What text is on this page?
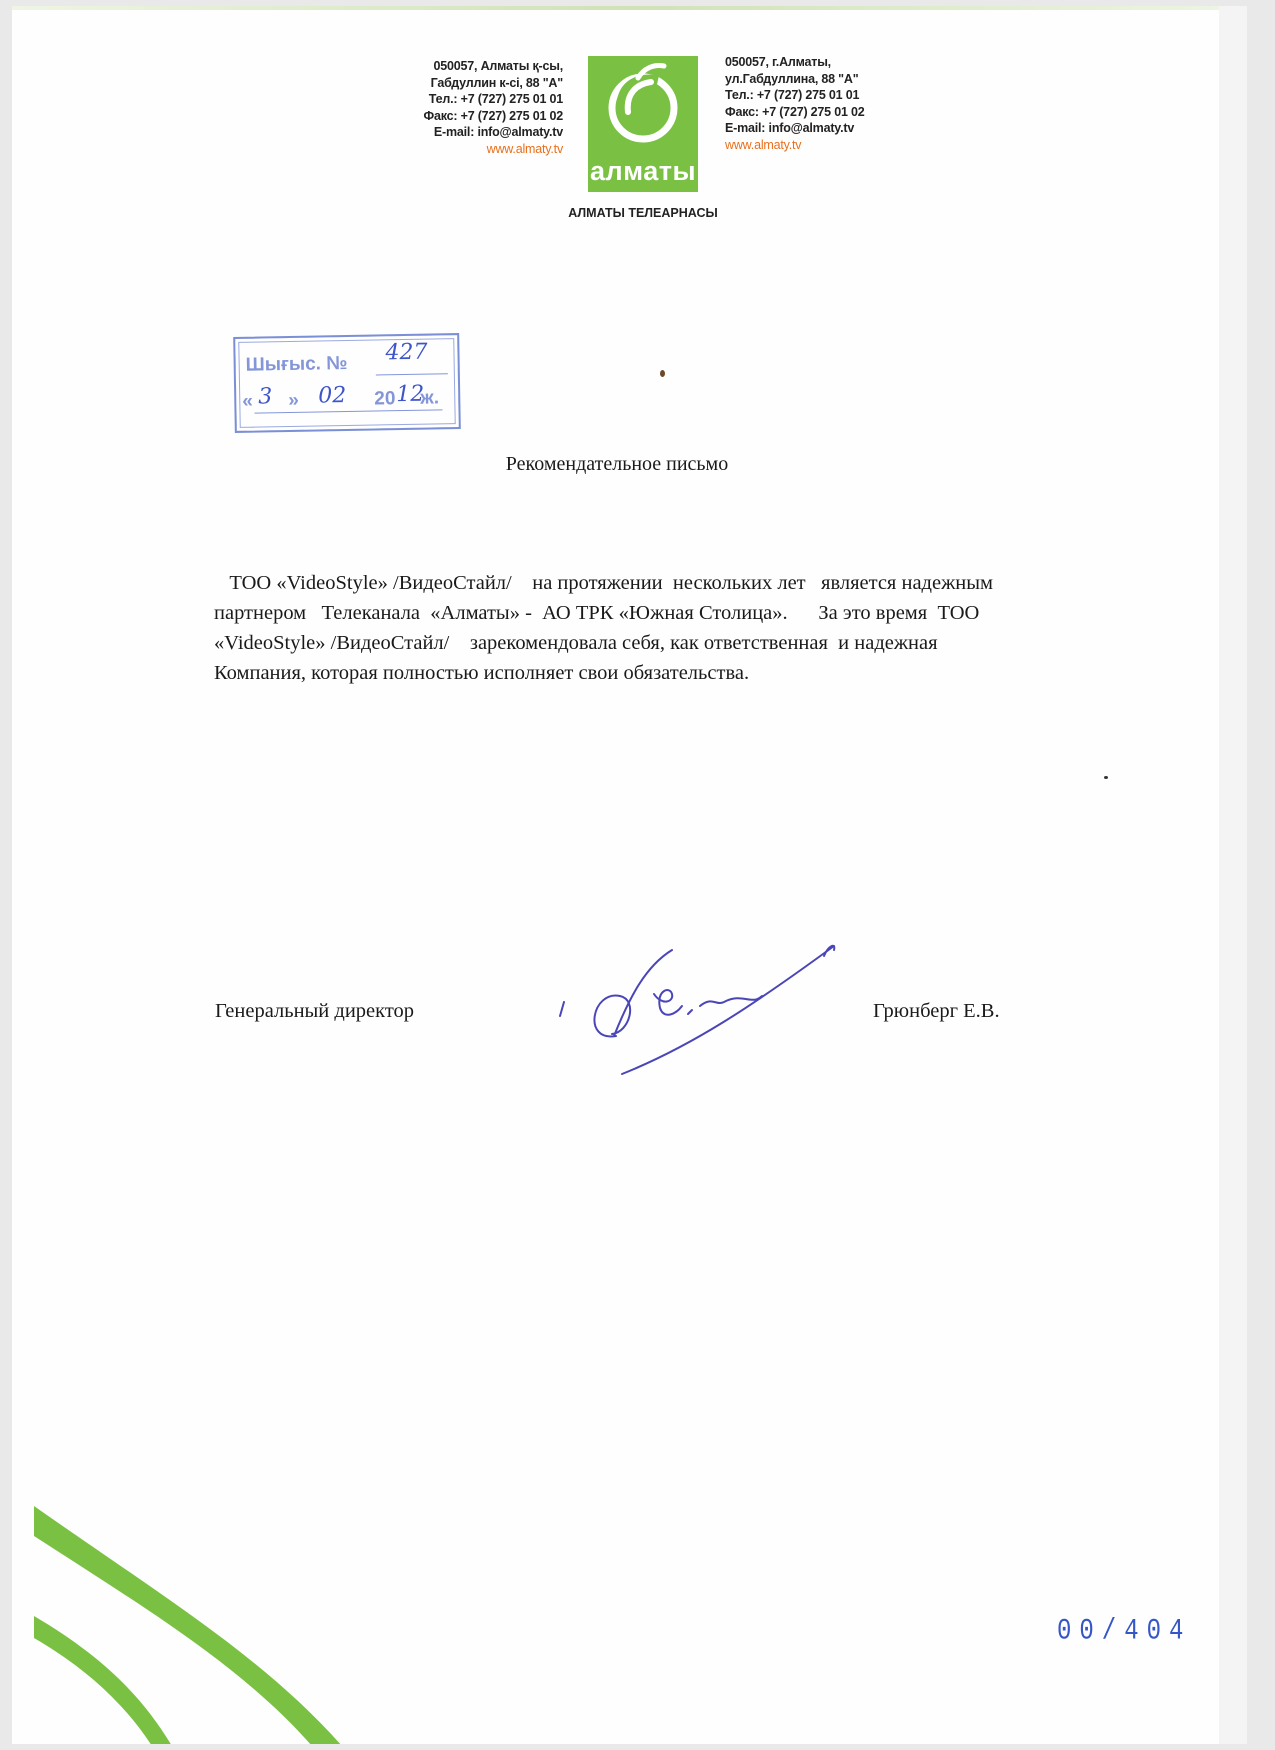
050057, Алматы қ-сы,
Габдуллин к-сі, 88 "А"
Тел.: +7 (727) 275 01 01
Факс: +7 (727) 275 01 02
E-mail: info@almaty.tv
www.almaty.tv
алматы
АЛМАТЫ ТЕЛЕАРНАСЫ
050057, г.Алматы,
ул.Габдуллина, 88 "А"
Тел.: +7 (727) 275 01 01
Факс: +7 (727) 275 01 02
E-mail: info@almaty.tv
www.almaty.tv
Шығыс. № 427
« 3 » 02 20 12
ж.
Рекомендательное письмо
ТОО «VideoStyle» /ВидеоСтайл/    на протяжении  нескольких лет   является надежным
партнером   Телеканала  «Алматы» -  АО ТРК «Южная Столица».      За это время  ТОО
«VideoStyle» /ВидеоСтайл/    зарекомендовала себя, как ответственная  и надежная
Компания, которая полностью исполняет свои обязательства.
Генеральный директор	Грюнберг Е.В.
00/404
